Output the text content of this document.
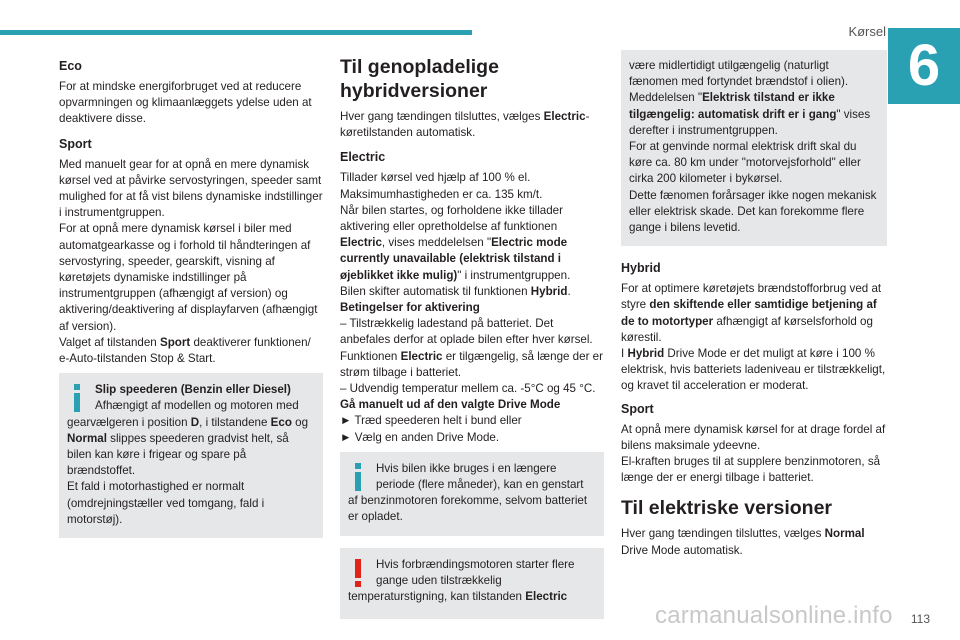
Kørsel
6
Eco

For at mindske energiforbruget ved at reducere opvarmningen og klimaanlæggets ydelse uden at deaktivere disse.

Sport

Med manuelt gear for at opnå en mere dynamisk kørsel ved at påvirke servostyringen, speeder samt mulighed for at få vist bilens dynamiske indstillinger i instrumentgruppen.

For at opnå mere dynamisk kørsel i biler med automatgearkasse og i forhold til håndteringen af servostyring, speeder, gearskift, visning af køretøjets dynamiske indstillinger på instrumentgruppen (afhængigt af version) og aktivering/deaktivering af displayfarven (afhængigt af version).

Valget af tilstanden Sport deaktiverer funktionen/ e-Auto-tilstanden Stop & Start.

Slip speederen (Benzin eller Diesel)
Afhængigt af modellen og motoren med gearvælgeren i position D, i tilstandene Eco og Normal slippes speederen gradvist helt, så bilen kan køre i frigear og spare på brændstoffet.
Et fald i motorhastighed er normalt (omdrejningstæller ved tomgang, fald i motorstøj).

Til genopladelige hybridversioner

Hver gang tændingen tilsluttes, vælges Electric-køretilstanden automatisk.

Electric

Tillader kørsel ved hjælp af 100 % el.
Maksimumhastigheden er ca. 135 km/t.
Når bilen startes, og forholdene ikke tillader aktivering eller opretholdelse af funktionen Electric, vises meddelelsen "Electric mode currently unavailable (elektrisk tilstand i øjeblikket ikke mulig)" i instrumentgruppen.
Bilen skifter automatisk til funktionen Hybrid.
Betingelser for aktivering
– Tilstrækkelig ladestand på batteriet. Det anbefales derfor at oplade bilen efter hver kørsel. Funktionen Electric er tilgængelig, så længe der er strøm tilbage i batteriet.
– Udvendig temperatur mellem ca. -5°C og 45 °C.
Gå manuelt ud af den valgte Drive Mode
► Træd speederen helt i bund eller
► Vælg en anden Drive Mode.

Hvis bilen ikke bruges i en længere periode (flere måneder), kan en genstart af benzinmotoren forekomme, selvom batteriet er opladet.

Hvis forbrændingsmotoren starter flere gange uden tilstrækkelig temperaturstigning, kan tilstanden Electric

være midlertidigt utilgængelig (naturligt fænomen med fortyndet brændstof i olien).
Meddelelsen "Elektrisk tilstand er ikke tilgængelig: automatisk drift er i gang" vises derefter i instrumentgruppen.
For at genvinde normal elektrisk drift skal du køre ca. 80 km under "motorvejsforhold" eller cirka 200 kilometer i bykørsel.
Dette fænomen forårsager ikke nogen mekanisk eller elektrisk skade. Det kan forekomme flere gange i bilens levetid.

Hybrid

For at optimere køretøjets brændstofforbrug ved at styre den skiftende eller samtidige betjening af de to motortyper afhængigt af kørselsforhold og kørestil.
I Hybrid Drive Mode er det muligt at køre i 100 % elektrisk, hvis batteriets ladeniveau er tilstrækkeligt, og kravet til acceleration er moderat.

Sport

At opnå mere dynamisk kørsel for at drage fordel af bilens maksimale ydeevne.
El-kraften bruges til at supplere benzinmotoren, så længe der er energi tilbage i batteriet.

Til elektriske versioner

Hver gang tændingen tilsluttes, vælges Normal Drive Mode automatisk.

113
carmanualsonline.info
